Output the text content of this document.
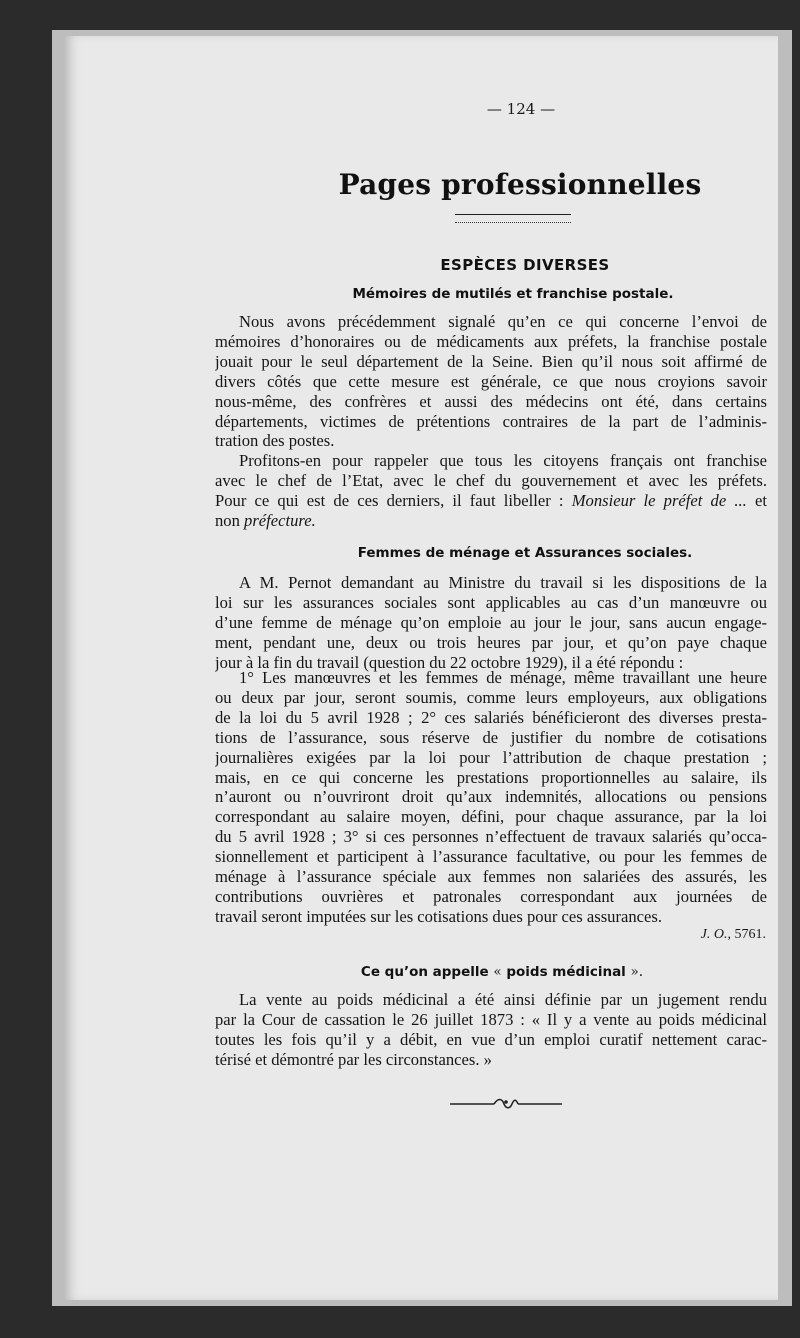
— 124 —
Pages professionnelles
ESPÈCES DIVERSES
Mémoires de mutilés et franchise postale.
Nous avons précédemment signalé qu’en ce qui concerne l’envoi de
mémoires d’honoraires ou de médicaments aux préfets, la franchise postale
jouait pour le seul département de la Seine. Bien qu’il nous soit affirmé de
divers côtés que cette mesure est générale, ce que nous croyions savoir
nous-même, des confrères et aussi des médecins ont été, dans certains
départements, victimes de prétentions contraires de la part de l’adminis-
tration des postes.
Profitons-en pour rappeler que tous les citoyens français ont franchise
avec le chef de l’Etat, avec le chef du gouvernement et avec les préfets.
Pour ce qui est de ces derniers, il faut libeller : Monsieur le préfet de ... et
non préfecture.
Femmes de ménage et Assurances sociales.
A M. Pernot demandant au Ministre du travail si les dispositions de la
loi sur les assurances sociales sont applicables au cas d’un manœuvre ou
d’une femme de ménage qu’on emploie au jour le jour, sans aucun engage-
ment, pendant une, deux ou trois heures par jour, et qu’on paye chaque
jour à la fin du travail (question du 22 octobre 1929), il a été répondu :
1° Les manœuvres et les femmes de ménage, même travaillant une heure
ou deux par jour, seront soumis, comme leurs employeurs, aux obligations
de la loi du 5 avril 1928 ; 2° ces salariés bénéficieront des diverses presta-
tions de l’assurance, sous réserve de justifier du nombre de cotisations
journalières exigées par la loi pour l’attribution de chaque prestation ;
mais, en ce qui concerne les prestations proportionnelles au salaire, ils
n’auront ou n’ouvriront droit qu’aux indemnités, allocations ou pensions
correspondant au salaire moyen, défini, pour chaque assurance, par la loi
du 5 avril 1928 ; 3° si ces personnes n’effectuent de travaux salariés qu’occa-
sionnellement et participent à l’assurance facultative, ou pour les femmes de
ménage à l’assurance spéciale aux femmes non salariées des assurés, les
contributions ouvrières et patronales correspondant aux journées de
travail seront imputées sur les cotisations dues pour ces assurances.
J. O., 5761.
Ce qu’on appelle « poids médicinal ».
La vente au poids médicinal a été ainsi définie par un jugement rendu
par la Cour de cassation le 26 juillet 1873 : « Il y a vente au poids médicinal
toutes les fois qu’il y a débit, en vue d’un emploi curatif nettement carac-
térisé et démontré par les circonstances. »
